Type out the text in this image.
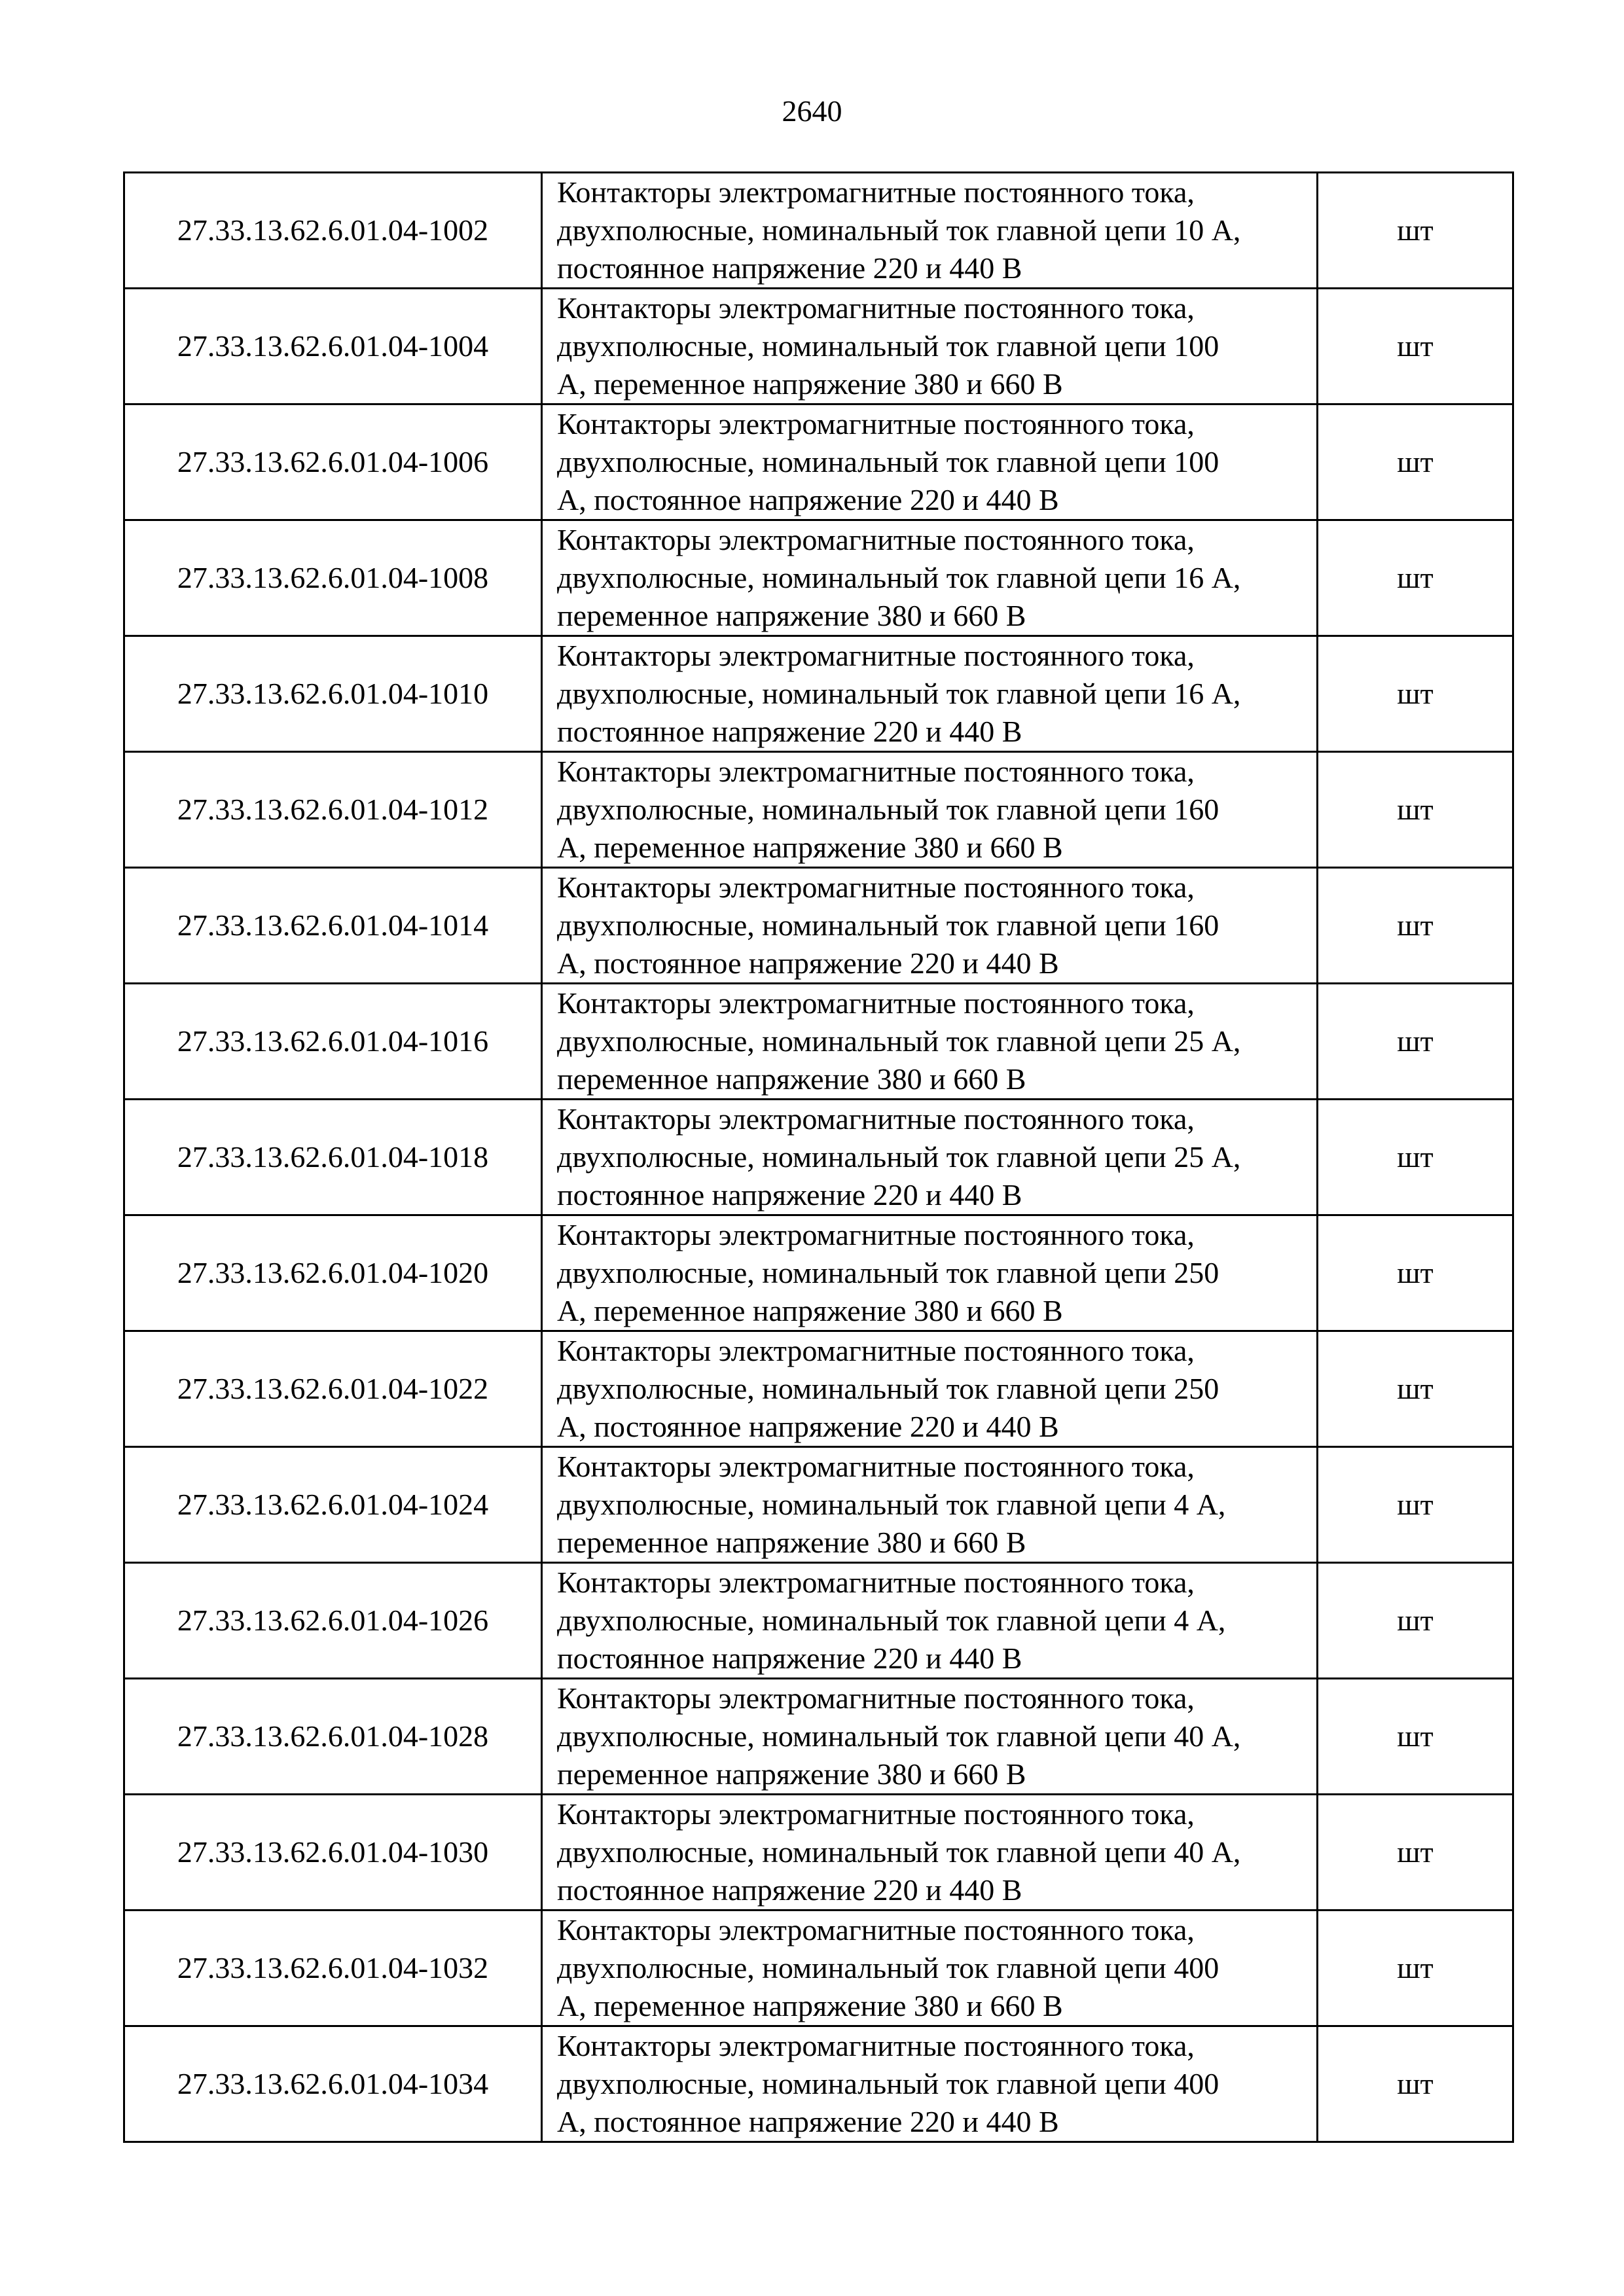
2640
27.33.13.62.6.01.04-1002	Контакторы электромагнитные постоянного тока,
двухполюсные, номинальный ток главной цепи 10 А,
постоянное напряжение 220 и 440 В	шт
27.33.13.62.6.01.04-1004	Контакторы электромагнитные постоянного тока,
двухполюсные, номинальный ток главной цепи 100
А, переменное напряжение 380 и 660 В	шт
27.33.13.62.6.01.04-1006	Контакторы электромагнитные постоянного тока,
двухполюсные, номинальный ток главной цепи 100
А, постоянное напряжение 220 и 440 В	шт
27.33.13.62.6.01.04-1008	Контакторы электромагнитные постоянного тока,
двухполюсные, номинальный ток главной цепи 16 А,
переменное напряжение 380 и 660 В	шт
27.33.13.62.6.01.04-1010	Контакторы электромагнитные постоянного тока,
двухполюсные, номинальный ток главной цепи 16 А,
постоянное напряжение 220 и 440 В	шт
27.33.13.62.6.01.04-1012	Контакторы электромагнитные постоянного тока,
двухполюсные, номинальный ток главной цепи 160
А, переменное напряжение 380 и 660 В	шт
27.33.13.62.6.01.04-1014	Контакторы электромагнитные постоянного тока,
двухполюсные, номинальный ток главной цепи 160
А, постоянное напряжение 220 и 440 В	шт
27.33.13.62.6.01.04-1016	Контакторы электромагнитные постоянного тока,
двухполюсные, номинальный ток главной цепи 25 А,
переменное напряжение 380 и 660 В	шт
27.33.13.62.6.01.04-1018	Контакторы электромагнитные постоянного тока,
двухполюсные, номинальный ток главной цепи 25 А,
постоянное напряжение 220 и 440 В	шт
27.33.13.62.6.01.04-1020	Контакторы электромагнитные постоянного тока,
двухполюсные, номинальный ток главной цепи 250
А, переменное напряжение 380 и 660 В	шт
27.33.13.62.6.01.04-1022	Контакторы электромагнитные постоянного тока,
двухполюсные, номинальный ток главной цепи 250
А, постоянное напряжение 220 и 440 В	шт
27.33.13.62.6.01.04-1024	Контакторы электромагнитные постоянного тока,
двухполюсные, номинальный ток главной цепи 4 А,
переменное напряжение 380 и 660 В	шт
27.33.13.62.6.01.04-1026	Контакторы электромагнитные постоянного тока,
двухполюсные, номинальный ток главной цепи 4 А,
постоянное напряжение 220 и 440 В	шт
27.33.13.62.6.01.04-1028	Контакторы электромагнитные постоянного тока,
двухполюсные, номинальный ток главной цепи 40 А,
переменное напряжение 380 и 660 В	шт
27.33.13.62.6.01.04-1030	Контакторы электромагнитные постоянного тока,
двухполюсные, номинальный ток главной цепи 40 А,
постоянное напряжение 220 и 440 В	шт
27.33.13.62.6.01.04-1032	Контакторы электромагнитные постоянного тока,
двухполюсные, номинальный ток главной цепи 400
А, переменное напряжение 380 и 660 В	шт
27.33.13.62.6.01.04-1034	Контакторы электромагнитные постоянного тока,
двухполюсные, номинальный ток главной цепи 400
А, постоянное напряжение 220 и 440 В	шт
